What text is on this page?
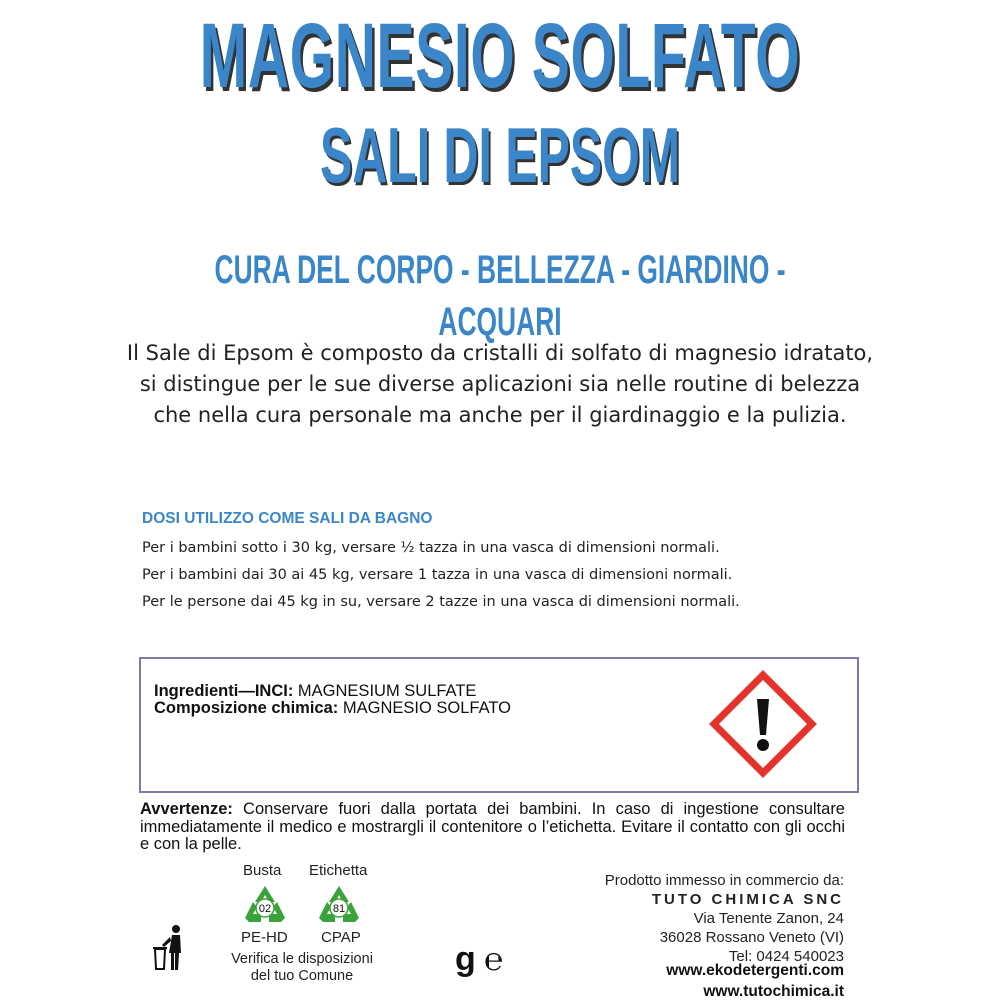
MAGNESIO SOLFATO
SALI DI EPSOM
CURA DEL CORPO - BELLEZZA - GIARDINO - ACQUARI
Il Sale di Epsom è composto da cristalli di solfato di magnesio idratato, si distingue per le sue diverse aplicazioni sia nelle routine di belezza che nella cura personale ma anche per il giardinaggio e la pulizia.
DOSI UTILIZZO COME SALI DA BAGNO
Per i bambini sotto i 30 kg, versare ½ tazza in una vasca di dimensioni normali.
Per i bambini dai 30 ai 45 kg, versare 1 tazza in una vasca di dimensioni normali.
Per le persone dai 45 kg in su, versare 2 tazze in una vasca di dimensioni normali.
Ingredienti—INCI: MAGNESIUM SULFATE
Composizione chimica: MAGNESIO SOLFATO
Avvertenze: Conservare fuori dalla portata dei bambini. In caso di ingestione consultare immediatamente il medico e mostrargli il contenitore o l’etichetta. Evitare il contatto con gli occhi e con la pelle.
Busta
02
PE-HD
Etichetta
81
CPAP
Verifica le disposizioni
del tuo Comune	g ℮
Prodotto immesso in commercio da:
TUTO CHIMICA SNC
Via Tenente Zanon, 24
36028 Rossano Veneto (VI)
Tel: 0424 540023
www.ekodetergenti.com
www.tutochimica.it
